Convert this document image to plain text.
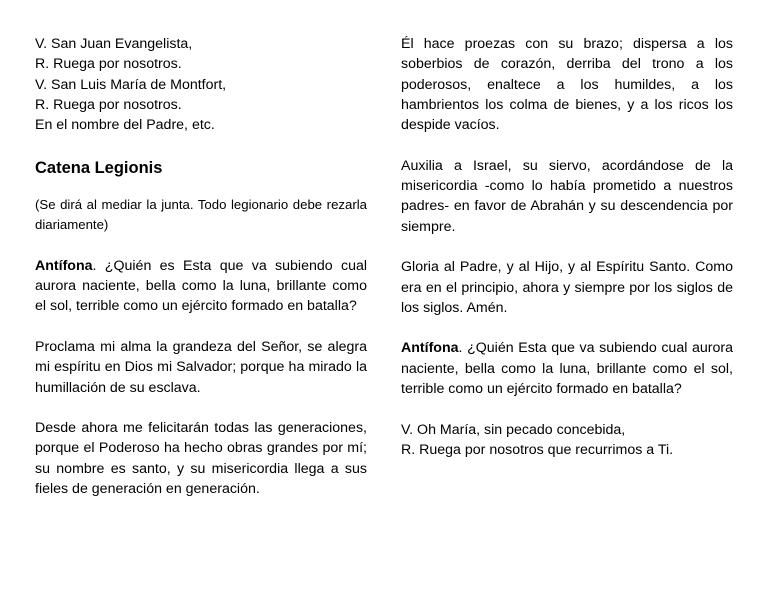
V. San Juan Evangelista,
R. Ruega por nosotros.
V. San Luis María de Montfort,
R. Ruega por nosotros.
En el nombre del Padre, etc.
Catena Legionis

(Se dirá al mediar la junta. Todo legionario debe rezarla diariamente)

Antífona. ¿Quién es Esta que va subiendo cual aurora naciente, bella como la luna, brillante como el sol, terrible como un ejército formado en batalla?

Proclama mi alma la grandeza del Señor, se alegra mi espíritu en Dios mi Salvador; porque ha mirado la humillación de su esclava.

Desde ahora me felicitarán todas las generaciones, porque el Poderoso ha hecho obras grandes por mí; su nombre es santo, y su misericordia llega a sus fieles de generación en generación.

Él hace proezas con su brazo; dispersa a los soberbios de corazón, derriba del trono a los poderosos, enaltece a los humildes, a los hambrientos los colma de bienes, y a los ricos los despide vacíos.

Auxilia a Israel, su siervo, acordándose de la misericordia -como lo había prometido a nuestros padres- en favor de Abrahán y su descendencia por siempre.

Gloria al Padre, y al Hijo, y al Espíritu Santo. Como era en el principio, ahora y siempre por los siglos de los siglos. Amén.

Antífona. ¿Quién Esta que va subiendo cual aurora naciente, bella como la luna, brillante como el sol, terrible como un ejército formado en batalla?

V. Oh María, sin pecado concebida,
R. Ruega por nosotros que recurrimos a Ti.
